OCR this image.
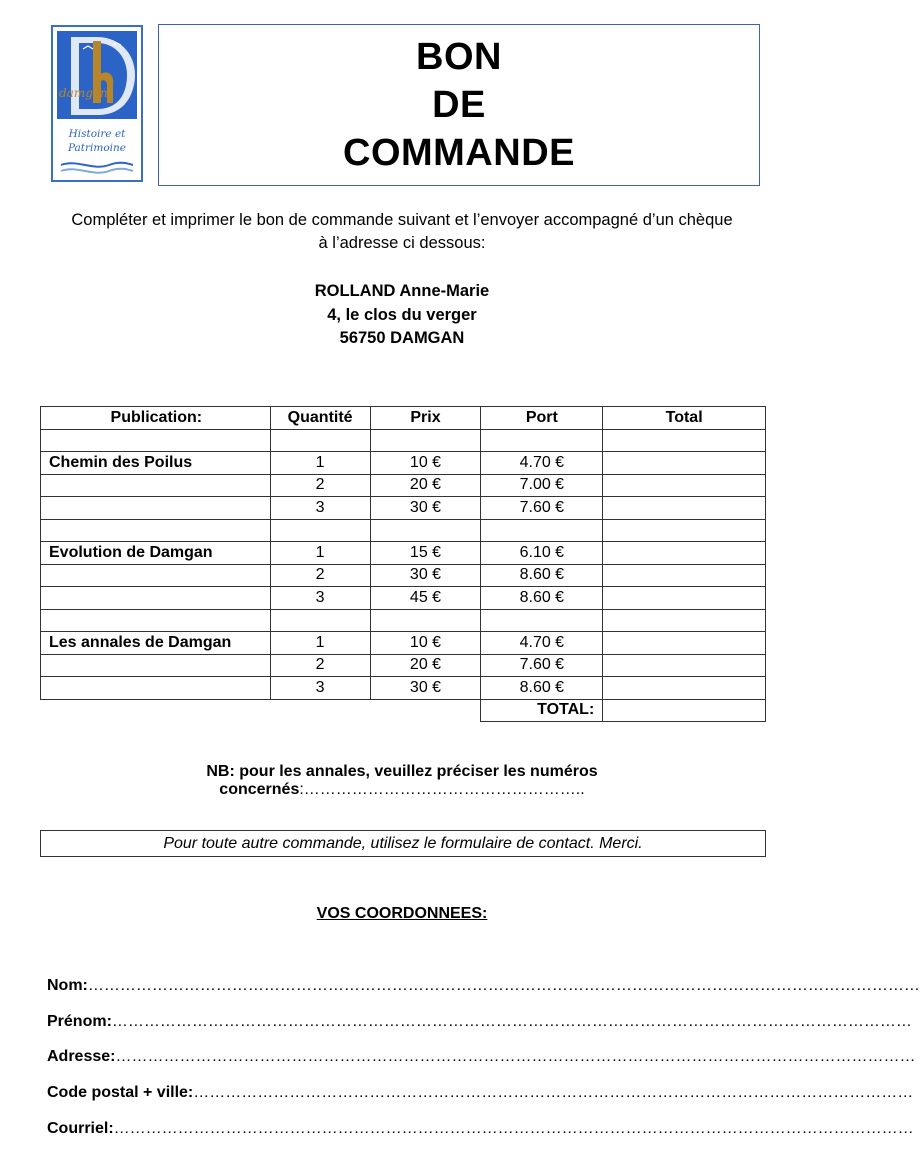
damgan
Histoire et
Patrimoine
BON
DE
COMMANDE
Compléter et imprimer le bon de commande suivant et l’envoyer accompagné d’un chèque
à l’adresse ci dessous:
ROLLAND Anne-Marie
4, le clos du verger
56750 DAMGAN
Publication:	Quantité	Prix	Port	Total

Chemin des Poilus	1	10 €	4.70 €	
	2	20 €	7.00 €	
	3	30 €	7.60 €	

Evolution de Damgan	1	15 €	6.10 €	
	2	30 €	8.60 €	
	3	45 €	8.60 €	

Les annales de Damgan	1	10 €	4.70 €	
	2	20 €	7.60 €	
	3	30 €	8.60 €	
			TOTAL:	
NB: pour les annales, veuillez préciser les numéros concernés:……………………………………………..
Pour toute autre commande, utilisez le formulaire de contact. Merci.
VOS COORDONNEES:
Nom:…………………………………………………………………………………………………………………………………………
Prénom:……………………………………………………………………………………………………………………………………
Adresse:……………………………………………………………………………………………………………………………………
Code postal + ville:………………………………………………………………………………………………………………………
Courriel:……………………………………………………………………………………………………………………………………
